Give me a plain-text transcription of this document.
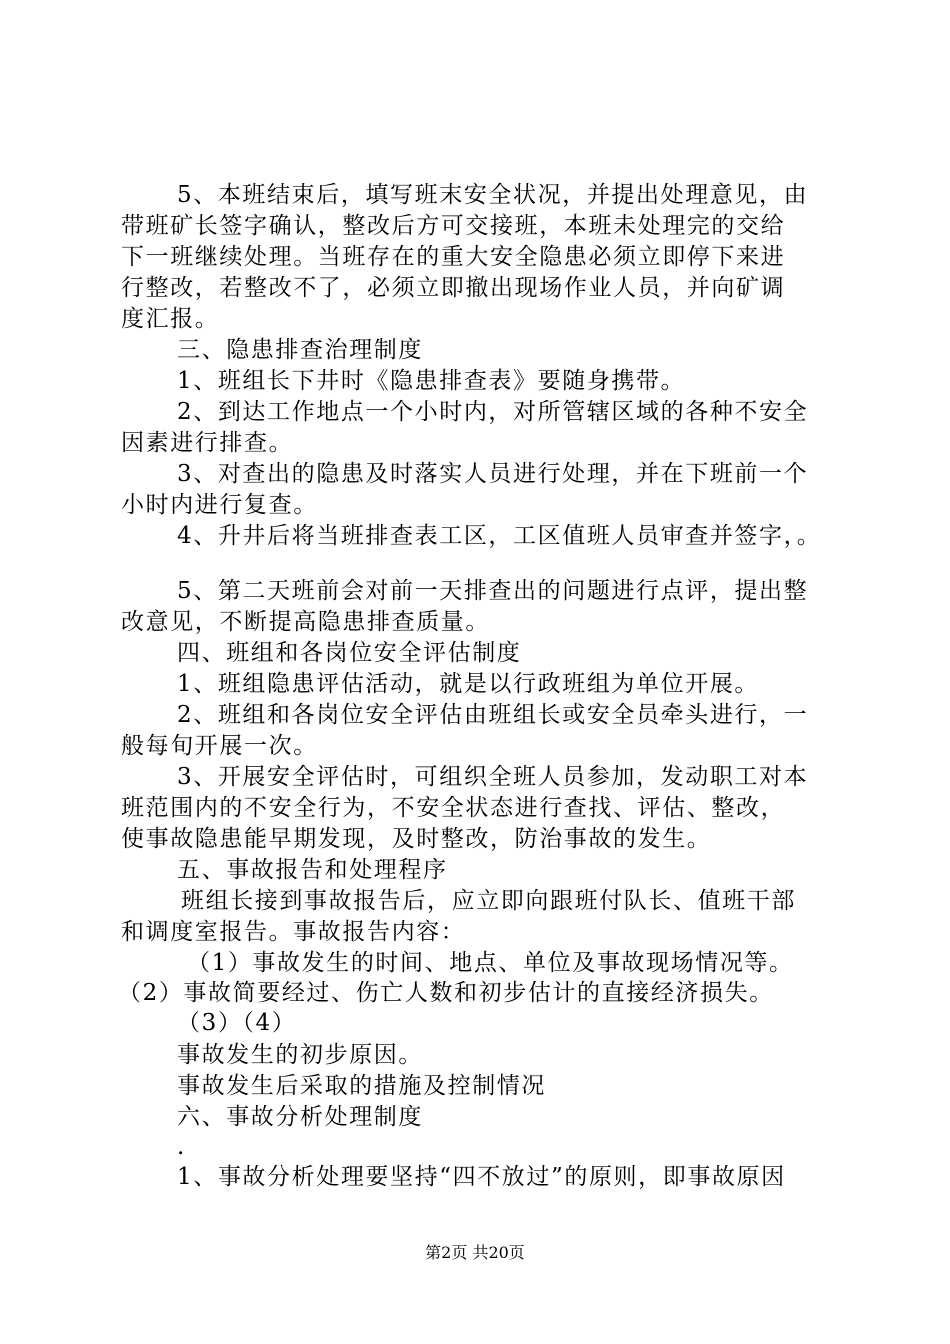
5、本班结束后，填写班末安全状况，并提出处理意见，由
带班矿长签字确认，整改后方可交接班，本班未处理完的交给
下一班继续处理。当班存在的重大安全隐患必须立即停下来进
行整改，若整改不了，必须立即撤出现场作业人员，并向矿调
度汇报。
三、隐患排查治理制度
1、班组长下井时《隐患排查表》要随身携带。
2、到达工作地点一个小时内，对所管辖区域的各种不安全
因素进行排查。
3、对查出的隐患及时落实人员进行处理，并在下班前一个
小时内进行复查。
4、升井后将当班排查表工区，工区值班人员审查并签字，。
5、第二天班前会对前一天排查出的问题进行点评，提出整
改意见，不断提高隐患排查质量。
四、班组和各岗位安全评估制度
1、班组隐患评估活动，就是以行政班组为单位开展。
2、班组和各岗位安全评估由班组长或安全员牵头进行，一
般每旬开展一次。
3、开展安全评估时，可组织全班人员参加，发动职工对本
班范围内的不安全行为，不安全状态进行查找、评估、整改，
使事故隐患能早期发现，及时整改，防治事故的发生。
五、事故报告和处理程序
班组长接到事故报告后，应立即向跟班付队长、值班干部
和调度室报告。事故报告内容：
（1）事故发生的时间、地点、单位及事故现场情况等。
（2）事故简要经过、伤亡人数和初步估计的直接经济损失。
（3）（4）
事故发生的初步原因。
事故发生后采取的措施及控制情况
六、事故分析处理制度
.
1、事故分析处理要坚持“四不放过”的原则，即事故原因
第2页 共20页
